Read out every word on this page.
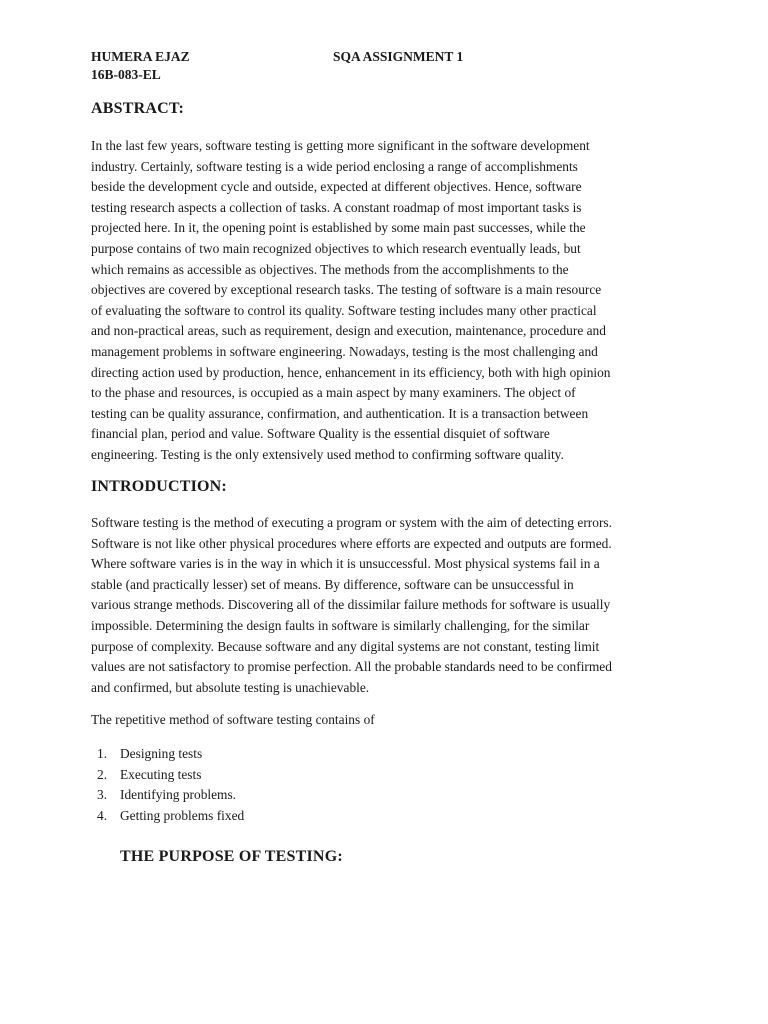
HUMERA EJAZ
16B-083-EL
SQA ASSIGNMENT 1
ABSTRACT:
In the last few years, software testing is getting more significant in the software development
industry. Certainly, software testing is a wide period enclosing a range of accomplishments
beside the development cycle and outside, expected at different objectives. Hence, software
testing research aspects a collection of tasks. A constant roadmap of most important tasks is
projected here. In it, the opening point is established by some main past successes, while the
purpose contains of two main recognized objectives to which research eventually leads, but
which remains as accessible as objectives. The methods from the accomplishments to the
objectives are covered by exceptional research tasks. The testing of software is a main resource
of evaluating the software to control its quality. Software testing includes many other practical
and non-practical areas, such as requirement, design and execution, maintenance, procedure and
management problems in software engineering. Nowadays, testing is the most challenging and
directing action used by production, hence, enhancement in its efficiency, both with high opinion
to the phase and resources, is occupied as a main aspect by many examiners. The object of
testing can be quality assurance, confirmation, and authentication. It is a transaction between
financial plan, period and value. Software Quality is the essential disquiet of software
engineering. Testing is the only extensively used method to confirming software quality.
INTRODUCTION:
Software testing is the method of executing a program or system with the aim of detecting errors.
Software is not like other physical procedures where efforts are expected and outputs are formed.
Where software varies is in the way in which it is unsuccessful. Most physical systems fail in a
stable (and practically lesser) set of means. By difference, software can be unsuccessful in
various strange methods. Discovering all of the dissimilar failure methods for software is usually
impossible. Determining the design faults in software is similarly challenging, for the similar
purpose of complexity. Because software and any digital systems are not constant, testing limit
values are not satisfactory to promise perfection. All the probable standards need to be confirmed
and confirmed, but absolute testing is unachievable.
The repetitive method of software testing contains of
1. Designing tests
2. Executing tests
3. Identifying problems.
4. Getting problems fixed
THE PURPOSE OF TESTING:
